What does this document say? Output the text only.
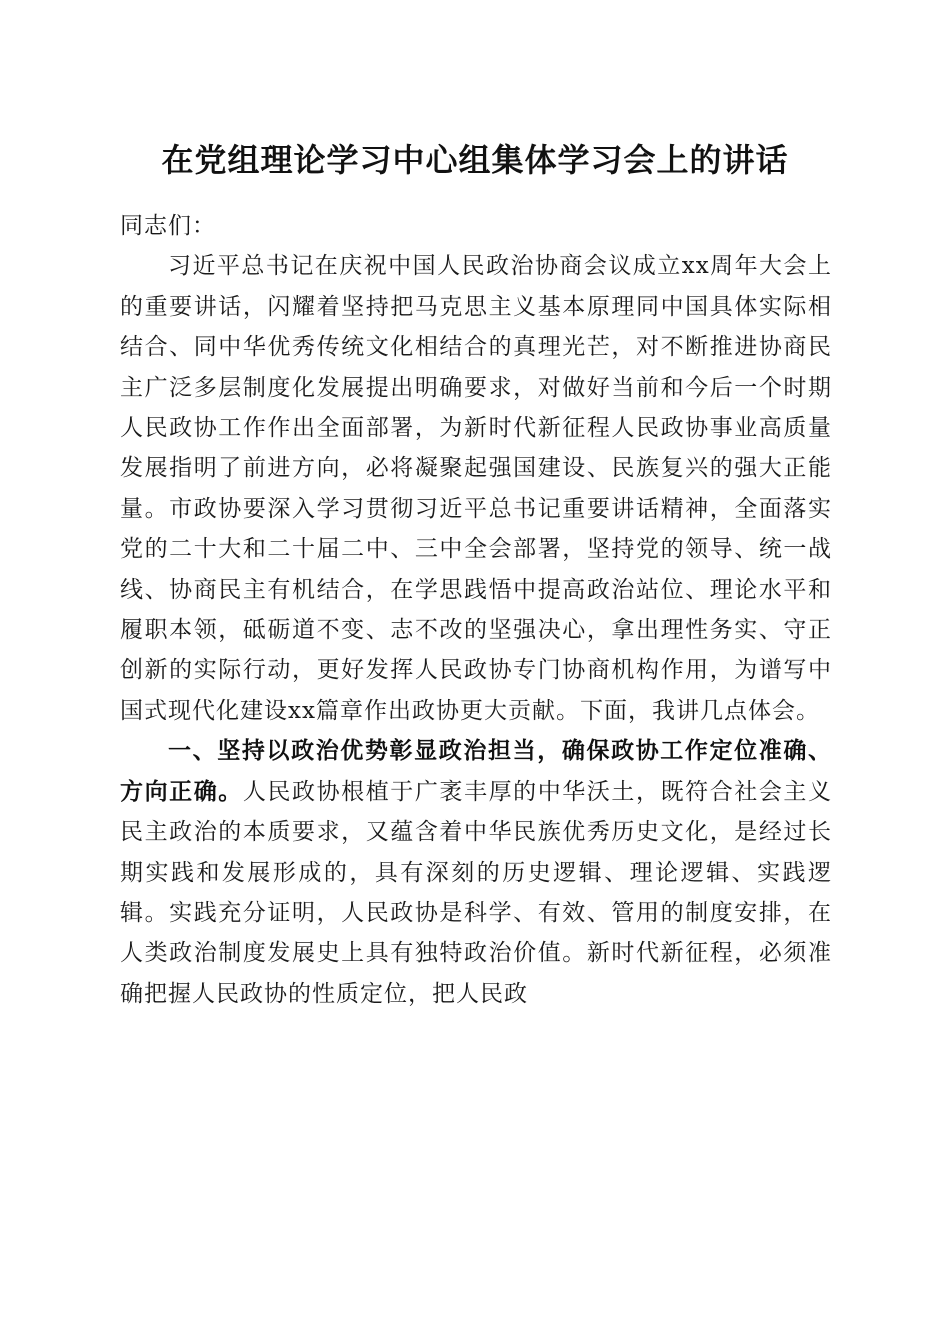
在党组理论学习中心组集体学习会上的讲话

同志们：

习近平总书记在庆祝中国人民政治协商会议成立xx周年大会上的重要讲话，闪耀着坚持把马克思主义基本原理同中国具体实际相结合、同中华优秀传统文化相结合的真理光芒，对不断推进协商民主广泛多层制度化发展提出明确要求，对做好当前和今后一个时期人民政协工作作出全面部署，为新时代新征程人民政协事业高质量发展指明了前进方向，必将凝聚起强国建设、民族复兴的强大正能量。市政协要深入学习贯彻习近平总书记重要讲话精神，全面落实党的二十大和二十届二中、三中全会部署，坚持党的领导、统一战线、协商民主有机结合，在学思践悟中提高政治站位、理论水平和履职本领，砥砺道不变、志不改的坚强决心，拿出理性务实、守正创新的实际行动，更好发挥人民政协专门协商机构作用，为谱写中国式现代化建设xx篇章作出政协更大贡献。下面，我讲几点体会。

一、坚持以政治优势彰显政治担当，确保政协工作定位准确、方向正确。人民政协根植于广袤丰厚的中华沃土，既符合社会主义民主政治的本质要求，又蕴含着中华民族优秀历史文化，是经过长期实践和发展形成的，具有深刻的历史逻辑、理论逻辑、实践逻辑。实践充分证明，人民政协是科学、有效、管用的制度安排，在人类政治制度发展史上具有独特政治价值。新时代新征程，必须准确把握人民政协的性质定位，把人民政
